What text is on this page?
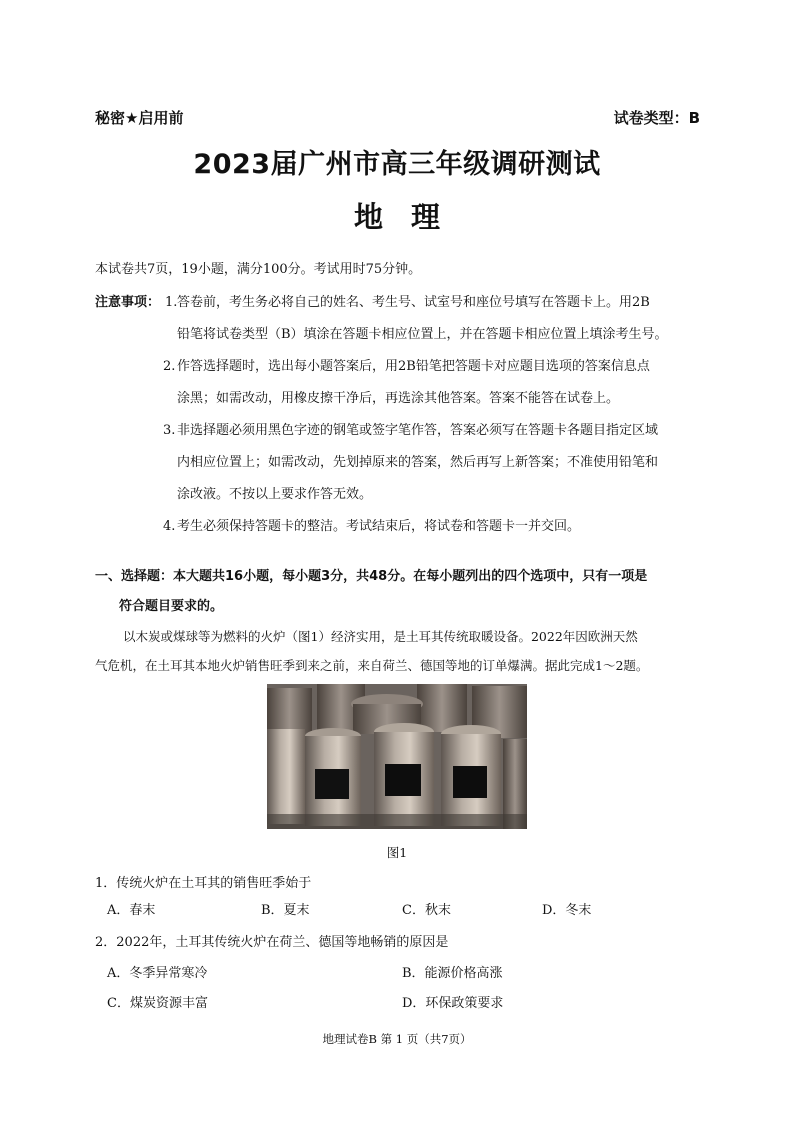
秘密★启用前	试卷类型：B
2023届广州市高三年级调研测试
地理
本试卷共7页，19小题，满分100分。考试用时75分钟。
注意事项： 1. 答卷前，考生务必将自己的姓名、考生号、试室号和座位号填写在答题卡上。用2B
铅笔将试卷类型（B）填涂在答题卡相应位置上，并在答题卡相应位置上填涂考生号。
2. 作答选择题时，选出每小题答案后，用2B铅笔把答题卡对应题目选项的答案信息点
涂黑；如需改动，用橡皮擦干净后，再选涂其他答案。答案不能答在试卷上。
3. 非选择题必须用黑色字迹的钢笔或签字笔作答，答案必须写在答题卡各题目指定区域
内相应位置上；如需改动，先划掉原来的答案，然后再写上新答案；不准使用铅笔和
涂改液。不按以上要求作答无效。
4. 考生必须保持答题卡的整洁。考试结束后，将试卷和答题卡一并交回。
一、选择题：本大题共16小题，每小题3分，共48分。在每小题列出的四个选项中，只有一项是
符合题目要求的。
以木炭或煤球等为燃料的火炉（图1）经济实用，是土耳其传统取暖设备。2022年因欧洲天然
气危机，在土耳其本地火炉销售旺季到来之前，来自荷兰、德国等地的订单爆满。据此完成1～2题。
图1
1．传统火炉在土耳其的销售旺季始于
A．春末	B．夏末	C．秋末	D．冬末
2．2022年，土耳其传统火炉在荷兰、德国等地畅销的原因是
A．冬季异常寒冷	B．能源价格高涨
C．煤炭资源丰富	D．环保政策要求
地理试卷B 第 1 页（共7页）
